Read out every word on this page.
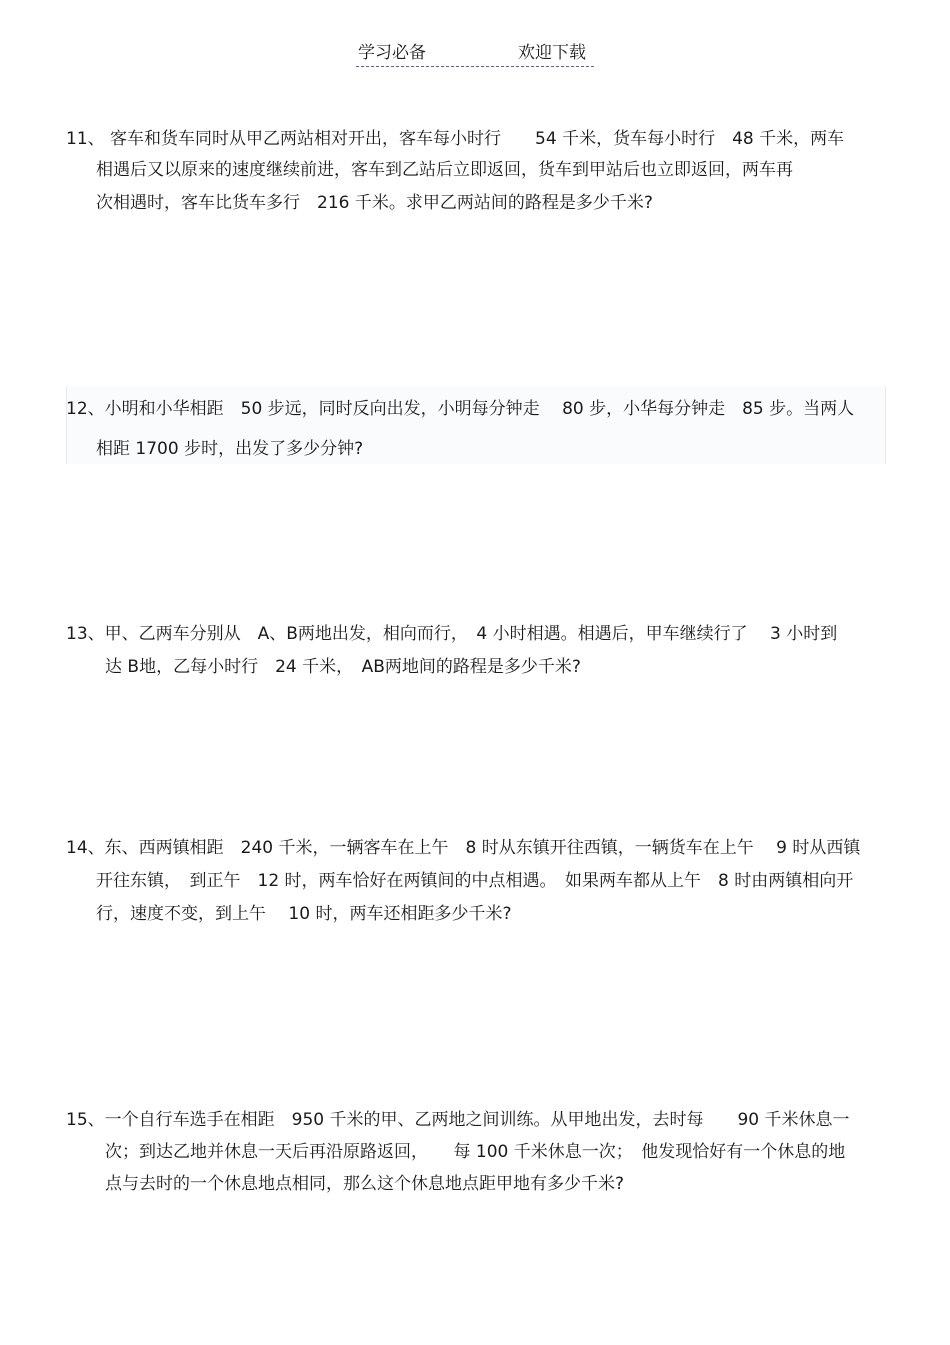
学习必备	欢迎下载
11、 客车和货车同时从甲乙两站相对开出，客车每小时行　　54 千米，货车每小时行　48 千米，两车
相遇后又以原来的速度继续前进，客车到乙站后立即返回，货车到甲站后也立即返回，两车再
次相遇时，客车比货车多行　216 千米。求甲乙两站间的路程是多少千米?
12、小明和小华相距　50 步远，同时反向出发，小明每分钟走　 80 步，小华每分钟走　85 步。当两人
相距 1700 步时，出发了多少分钟?
13、甲、乙两车分别从　A、B两地出发，相向而行，　4 小时相遇。相遇后，甲车继续行了　 3 小时到
达 B地，乙每小时行　24 千米，　AB两地间的路程是多少千米?
14、东、西两镇相距　240 千米，一辆客车在上午　8 时从东镇开往西镇，一辆货车在上午　 9 时从西镇
开往东镇，　到正午　12 时，两车恰好在两镇间的中点相遇。　如果两车都从上午　8 时由两镇相向开
行，速度不变，到上午　 10 时，两车还相距多少千米?
15、一个自行车选手在相距　950 千米的甲、乙两地之间训练。从甲地出发，去时每　　90 千米休息一
次；到达乙地并休息一天后再沿原路返回，　　每 100 千米休息一次；　他发现恰好有一个休息的地
点与去时的一个休息地点相同，那么这个休息地点距甲地有多少千米?
